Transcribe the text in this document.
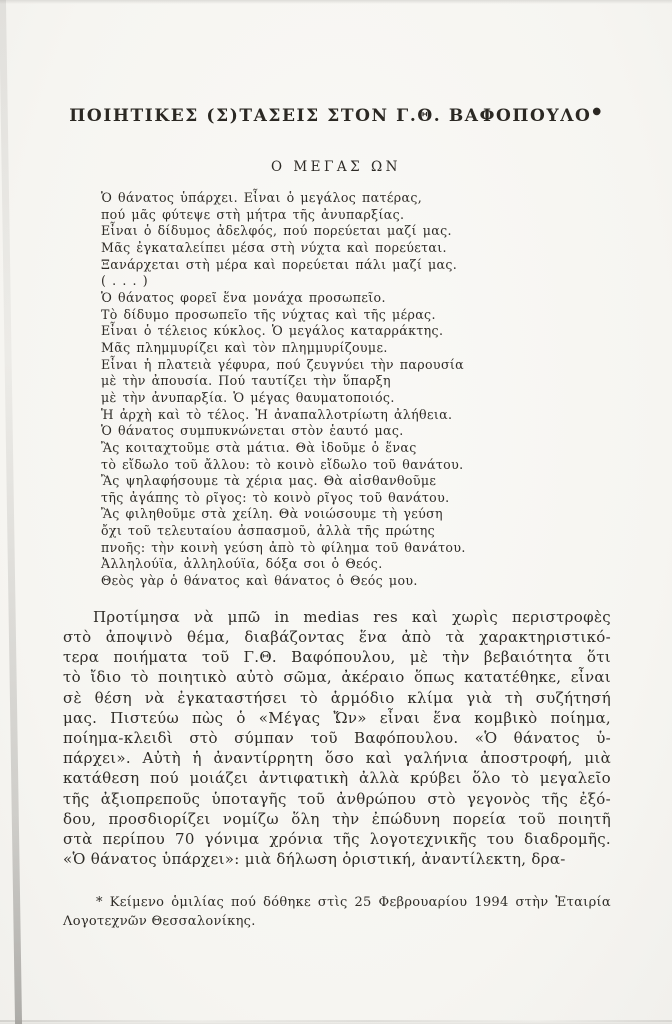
ΠΟΙΗΤΙΚΕΣ (Σ)ΤΑΣΕΙΣ ΣΤΟΝ Γ.Θ. ΒΑΦΟΠΟΥΛΟ●
Ο ΜΕΓΑΣ ΩΝ
Ὁ θάνατος ὑπάρχει. Εἶναι ὁ μεγάλος πατέρας,
πού μᾶς φύτεψε στὴ μήτρα τῆς ἀνυπαρξίας.
Εἶναι ὁ δίδυμος ἀδελφός, πού πορεύεται μαζί μας.
Μᾶς ἐγκαταλείπει μέσα στὴ νύχτα καὶ πορεύεται.
Ξανάρχεται στὴ μέρα καὶ πορεύεται πάλι μαζί μας.
( . . . )
Ὁ θάνατος φορεῖ ἕνα μονάχα προσωπεῖο.
Τὸ δίδυμο προσωπεῖο τῆς νύχτας καὶ τῆς μέρας.
Εἶναι ὁ τέλειος κύκλος. Ὁ μεγάλος καταρράκτης.
Μᾶς πλημμυρίζει καὶ τὸν πλημμυρίζουμε.
Εἶναι ἡ πλατειὰ γέφυρα, πού ζευγνύει τὴν παρουσία
μὲ τὴν ἀπουσία. Πού ταυτίζει τὴν ὕπαρξη
μὲ τὴν ἀνυπαρξία. Ὁ μέγας θαυματοποιός.
Ἡ ἀρχὴ καὶ τὸ τέλος. Ἡ ἀναπαλλοτρίωτη ἀλήθεια.
Ὁ θάνατος συμπυκνώνεται στὸν ἑαυτό μας.
Ἂς κοιταχτοῦμε στὰ μάτια. Θὰ ἰδοῦμε ὁ ἕνας
τὸ εἴδωλο τοῦ ἄλλου: τὸ κοινὸ εἴδωλο τοῦ θανάτου.
Ἂς ψηλαφήσουμε τὰ χέρια μας. Θὰ αἰσθανθοῦμε
τῆς ἀγάπης τὸ ρῖγος: τὸ κοινὸ ρῖγος τοῦ θανάτου.
Ἂς φιληθοῦμε στὰ χείλη. Θὰ νοιώσουμε τὴ γεύση
ὄχι τοῦ τελευταίου ἀσπασμοῦ, ἀλλὰ τῆς πρώτης
πνοῆς: τὴν κοινὴ γεύση ἀπὸ τὸ φίλημα τοῦ θανάτου.
Ἀλληλούϊα, ἀλληλούϊα, δόξα σοι ὁ Θεός.
Θεὸς γὰρ ὁ θάνατος καὶ θάνατος ὁ Θεός μου.
Προτίμησα νὰ μπῶ in medias res καὶ χωρὶς περιστροφὲς
στὸ ἀποψινὸ θέμα, διαβάζοντας ἕνα ἀπὸ τὰ χαρακτηριστικό-
τερα ποιήματα τοῦ Γ.Θ. Βαφόπουλου, μὲ τὴν βεβαιότητα ὅτι
τὸ ἴδιο τὸ ποιητικὸ αὐτὸ σῶμα, ἀκέραιο ὅπως κατατέθηκε, εἶναι
σὲ θέση νὰ ἐγκαταστήσει τὸ ἁρμόδιο κλίμα γιὰ τὴ συζήτησή
μας. Πιστεύω πὼς ὁ «Μέγας Ὤν» εἶναι ἕνα κομβικὸ ποίημα,
ποίημα-κλειδὶ στὸ σύμπαν τοῦ Βαφόπουλου. «Ὁ θάνατος ὑ-
πάρχει». Αὐτὴ ἡ ἀναντίρρητη ὅσο καὶ γαλήνια ἀποστροφή, μιὰ
κατάθεση πού μοιάζει ἀντιφατικὴ ἀλλὰ κρύβει ὅλο τὸ μεγαλεῖο
τῆς ἀξιοπρεποῦς ὑποταγῆς τοῦ ἀνθρώπου στὸ γεγονὸς τῆς ἐξό-
δου, προσδιορίζει νομίζω ὅλη τὴν ἐπώδυνη πορεία τοῦ ποιητῆ
στὰ περίπου 70 γόνιμα χρόνια τῆς λογοτεχνικῆς του διαδρομῆς.
«Ὁ θάνατος ὑπάρχει»: μιὰ δήλωση ὁριστική, ἀναντίλεκτη, δρα-
* Κείμενο ὁμιλίας πού δόθηκε στὶς 25 Φεβρουαρίου 1994 στὴν Ἑταιρία
Λογοτεχνῶν Θεσσαλονίκης.
